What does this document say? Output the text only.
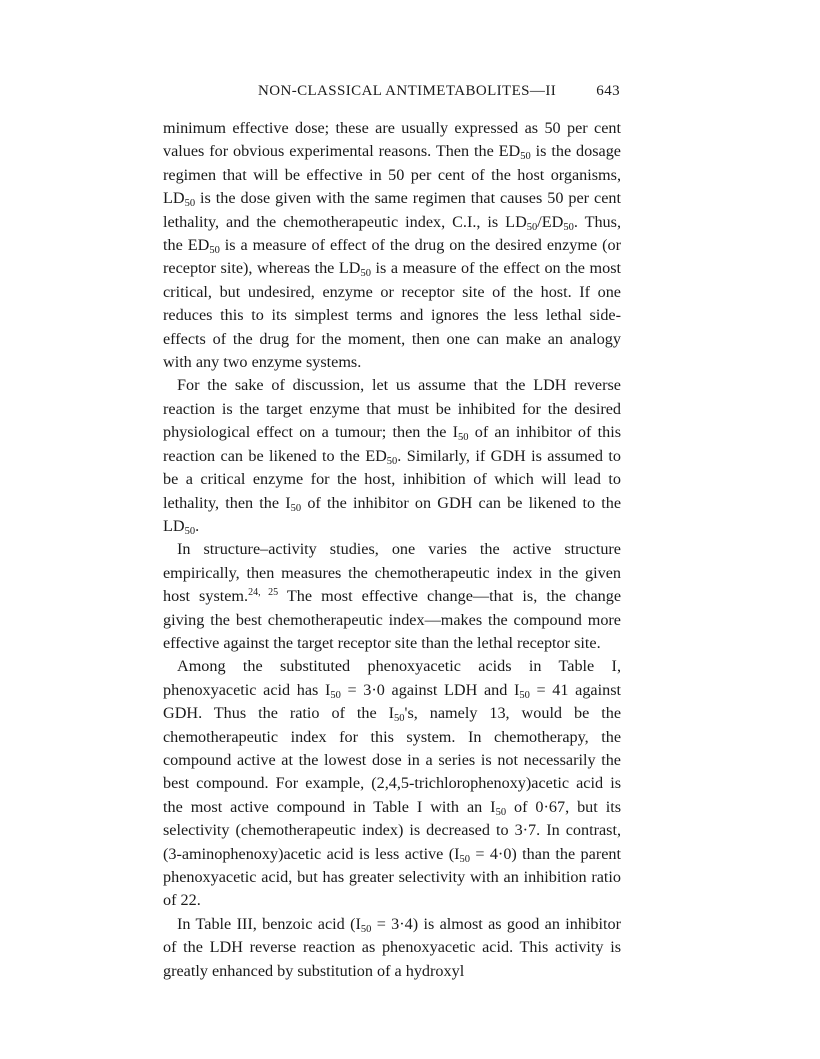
NON-CLASSICAL ANTIMETABOLITES—II	643

minimum effective dose; these are usually expressed as 50 per cent values for obvious experimental reasons. Then the $ED_{50}$ is the dosage regimen that will be effective in 50 per cent of the host organisms, $LD_{50}$ is the dose given with the same regimen that causes 50 per cent lethality, and the chemotherapeutic index, C.I., is $LD_{50}/ED_{50}$. Thus, the $ED_{50}$ is a measure of effect of the drug on the desired enzyme (or receptor site), whereas the $LD_{50}$ is a measure of the effect on the most critical, but undesired, enzyme or receptor site of the host. If one reduces this to its simplest terms and ignores the less lethal side-effects of the drug for the moment, then one can make an analogy with any two enzyme systems.

For the sake of discussion, let us assume that the LDH reverse reaction is the target enzyme that must be inhibited for the desired physiological effect on a tumour; then the $I_{50}$ of an inhibitor of this reaction can be likened to the $ED_{50}$. Similarly, if GDH is assumed to be a critical enzyme for the host, inhibition of which will lead to lethality, then the $I_{50}$ of the inhibitor on GDH can be likened to the $LD_{50}$.

In structure–activity studies, one varies the active structure empirically, then measures the chemotherapeutic index in the given host system.$^{24, 25}$ The most effective change—that is, the change giving the best chemotherapeutic index—makes the compound more effective against the target receptor site than the lethal receptor site.

Among the substituted phenoxyacetic acids in Table I, phenoxyacetic acid has $I_{50} = 3\cdot 0$ against LDH and $I_{50} = 41$ against GDH. Thus the ratio of the $I_{50}'s$, namely 13, would be the chemotherapeutic index for this system. In chemotherapy, the compound active at the lowest dose in a series is not necessarily the best compound. For example, (2,4,5-trichlorophenoxy)acetic acid is the most active compound in Table I with an $I_{50}$ of 0·67, but its selectivity (chemotherapeutic index) is decreased to 3·7. In contrast, (3-aminophenoxy)acetic acid is less active $(I_{50} = 4\cdot 0)$ than the parent phenoxyacetic acid, but has greater selectivity with an inhibition ratio of 22.

In Table III, benzoic acid $(I_{50} = 3\cdot 4)$ is almost as good an inhibitor of the LDH reverse reaction as phenoxyacetic acid. This activity is greatly enhanced by substitution of a hydroxyl
